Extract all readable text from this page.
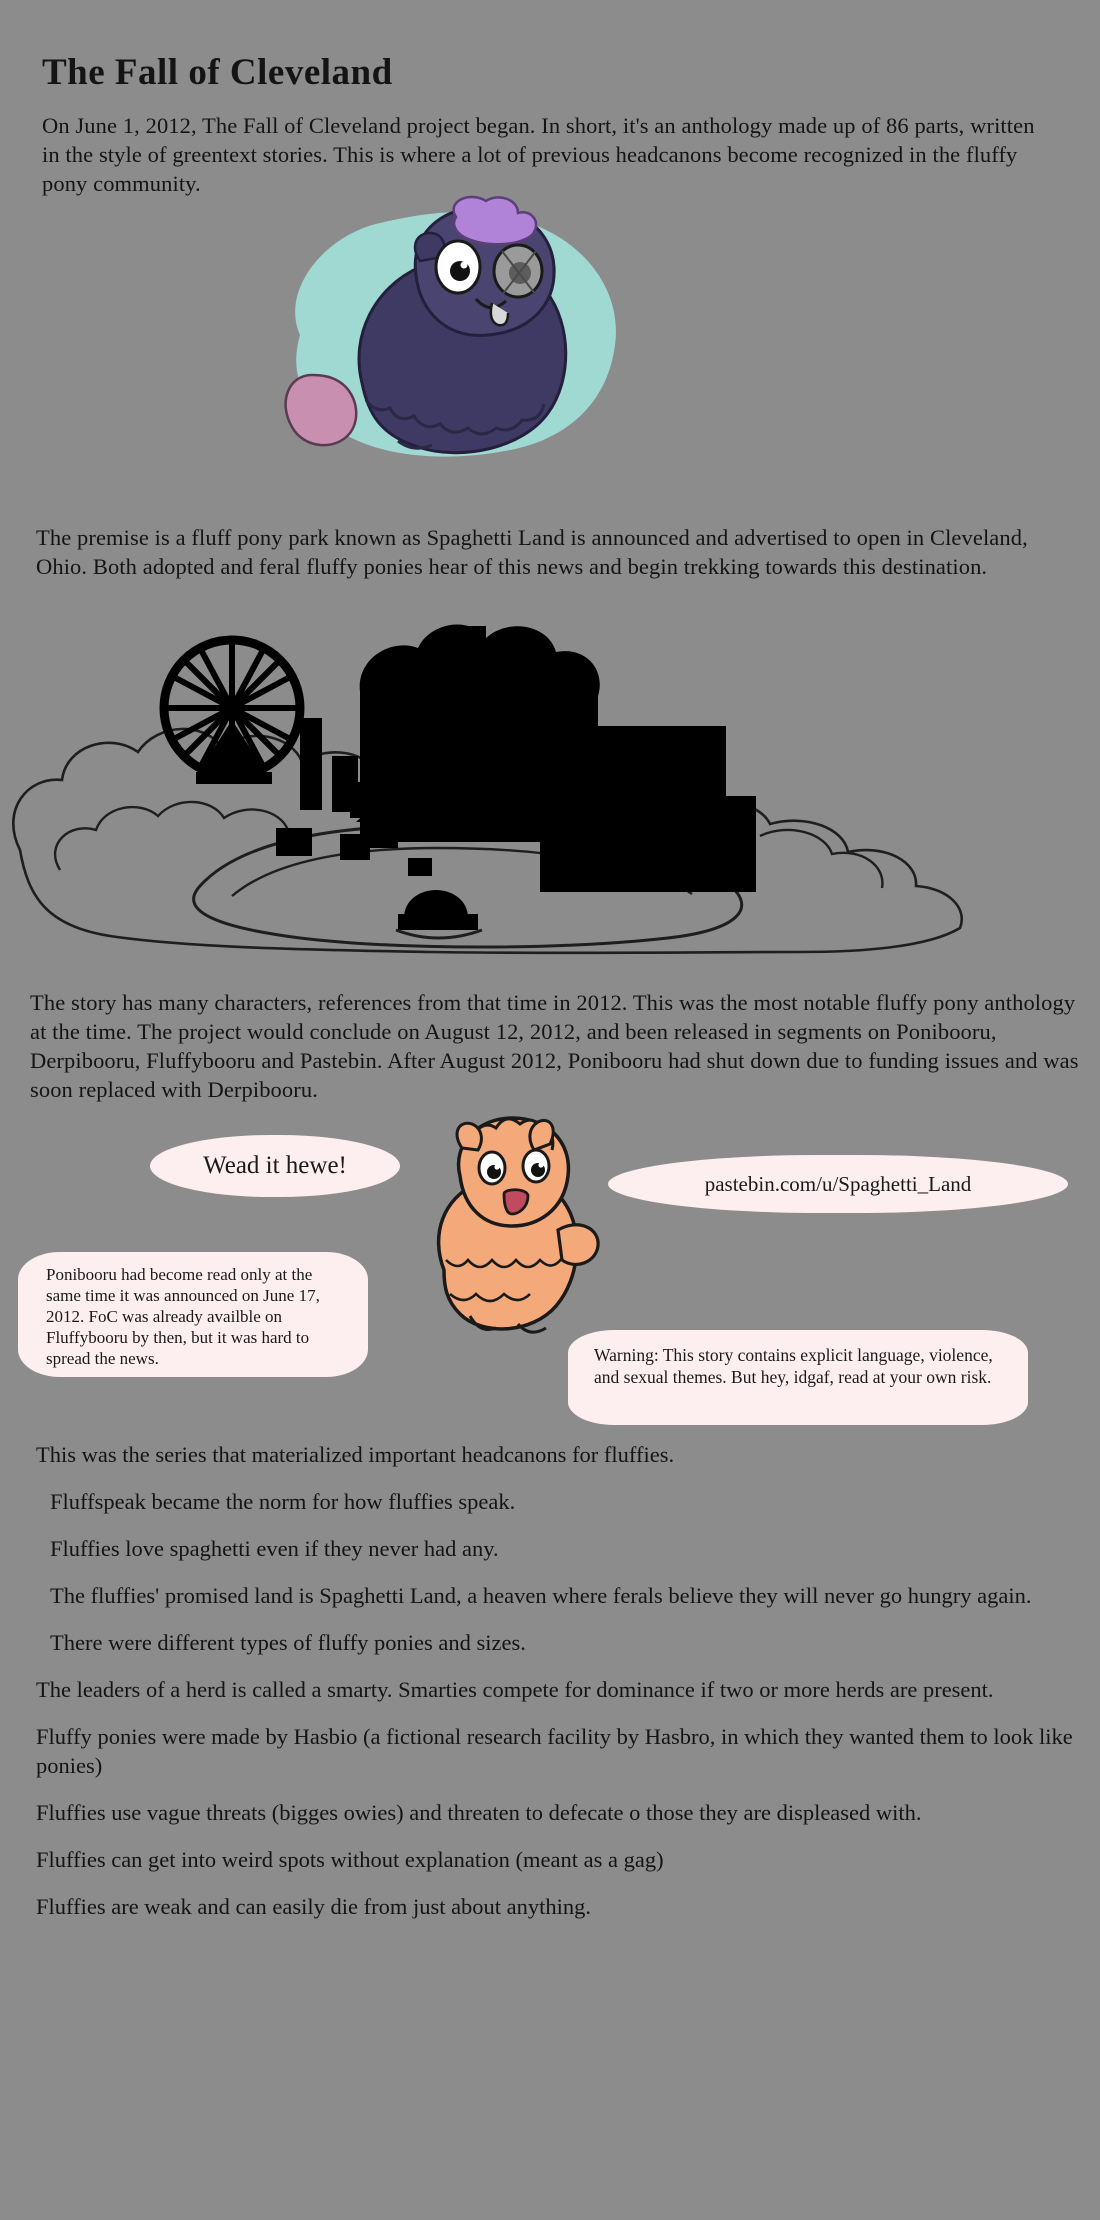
The Fall of Cleveland

On June 1, 2012, The Fall of Cleveland project began. In short, it's an anthology made up of 86 parts, written in the style of greentext stories. This is where a lot of previous headcanons become recognized in the fluffy pony community.

The premise is a fluff pony park known as Spaghetti Land is announced and advertised to open in Cleveland, Ohio. Both adopted and feral fluffy ponies hear of this news and begin trekking towards this destination.

The story has many characters, references from that time in 2012. This was the most notable fluffy pony anthology at the time. The project would conclude on August 12, 2012, and been released in segments on Ponibooru, Derpibooru, Fluffybooru and Pastebin. After August 2012, Ponibooru had shut down due to funding issues and was soon replaced with Derpibooru.

Wead it hewe!
pastebin.com/u/Spaghetti_Land
Ponibooru had become read only at the same time it was announced on June 17, 2012. FoC was already availble on Fluffybooru by then, but it was hard to spread the news.	Warning: This story contains explicit language, violence, and sexual themes. But hey, idgaf, read at your own risk.
This was the series that materialized important headcanons for fluffies.
Fluffspeak became the norm for how fluffies speak.
Fluffies love spaghetti even if they never had any.
The fluffies' promised land is Spaghetti Land, a heaven where ferals believe they will never go hungry again.
There were different types of fluffy ponies and sizes.
The leaders of a herd is called a smarty. Smarties compete for dominance if two or more herds are present.
Fluffy ponies were made by Hasbio (a fictional research facility by Hasbro, in which they wanted them to look like ponies)
Fluffies use vague threats (bigges owies) and threaten to defecate o those they are displeased with.
Fluffies can get into weird spots without explanation (meant as a gag)
Fluffies are weak and can easily die from just about anything.
